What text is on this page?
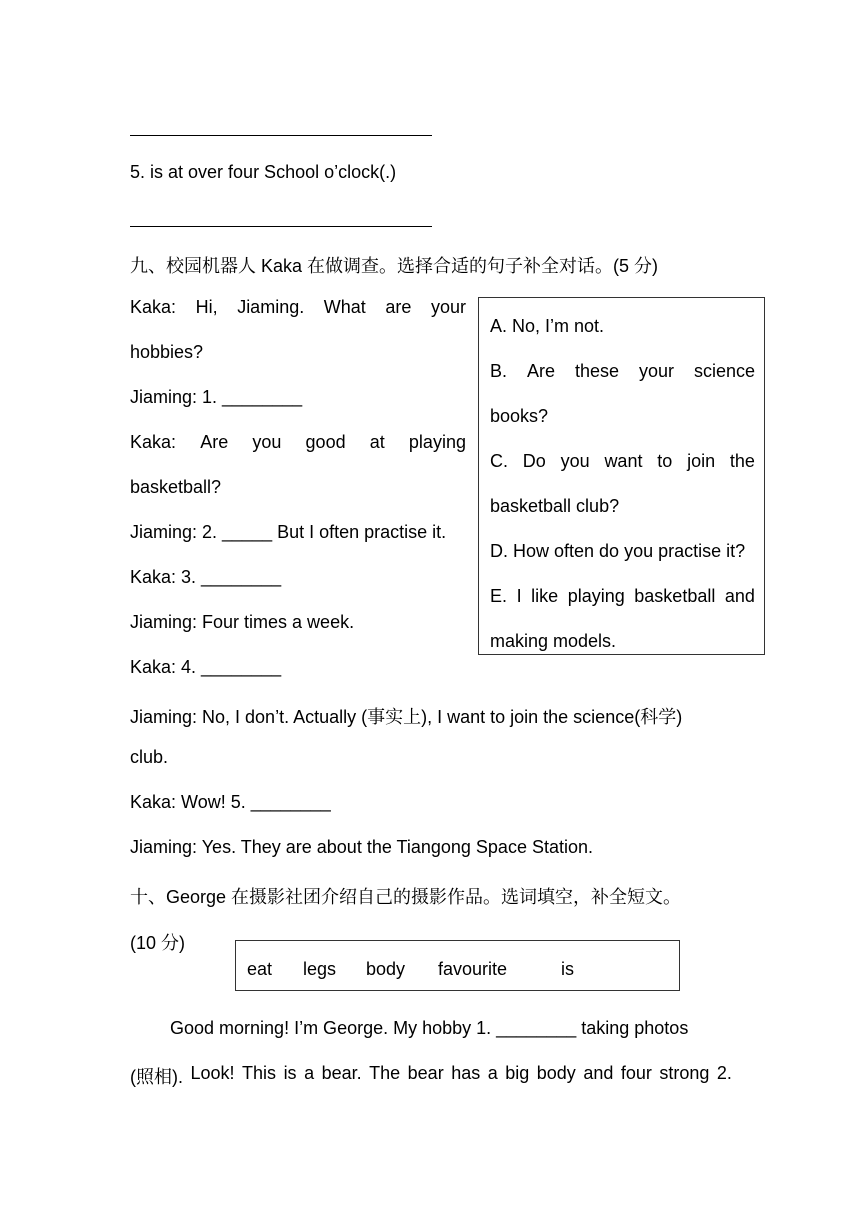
5. is at over four School o’clock(.)
九、校园机器人 Kaka 在做调查。选择合适的句子补全对话。(5 分)
Kaka: Hi, Jiaming. What are your
hobbies?
Jiaming: 1. ________
Kaka: Are you good at playing
basketball?
Jiaming: 2. _____ But I often practise it.
Kaka: 3. ________
Jiaming: Four times a week.
Kaka: 4. ________
Jiaming: No, I don’t. Actually (事实上), I want to join the science(科学)
club.
Kaka: Wow! 5. ________
Jiaming: Yes. They are about the Tiangong Space Station.
A. No, I’m not.
B. Are these your science
books?
C. Do you want to join the
basketball club?
D. How often do you practise it?
E. I like playing basketball and
making models.
十、George 在摄影社团介绍自己的摄影作品。选词填空，补全短文。
(10 分)
eat legs body favourite	is
Good morning! I’m George. My hobby 1. ________ taking photos
(照相). Look! This is a bear. The bear has a big body and four strong 2.
